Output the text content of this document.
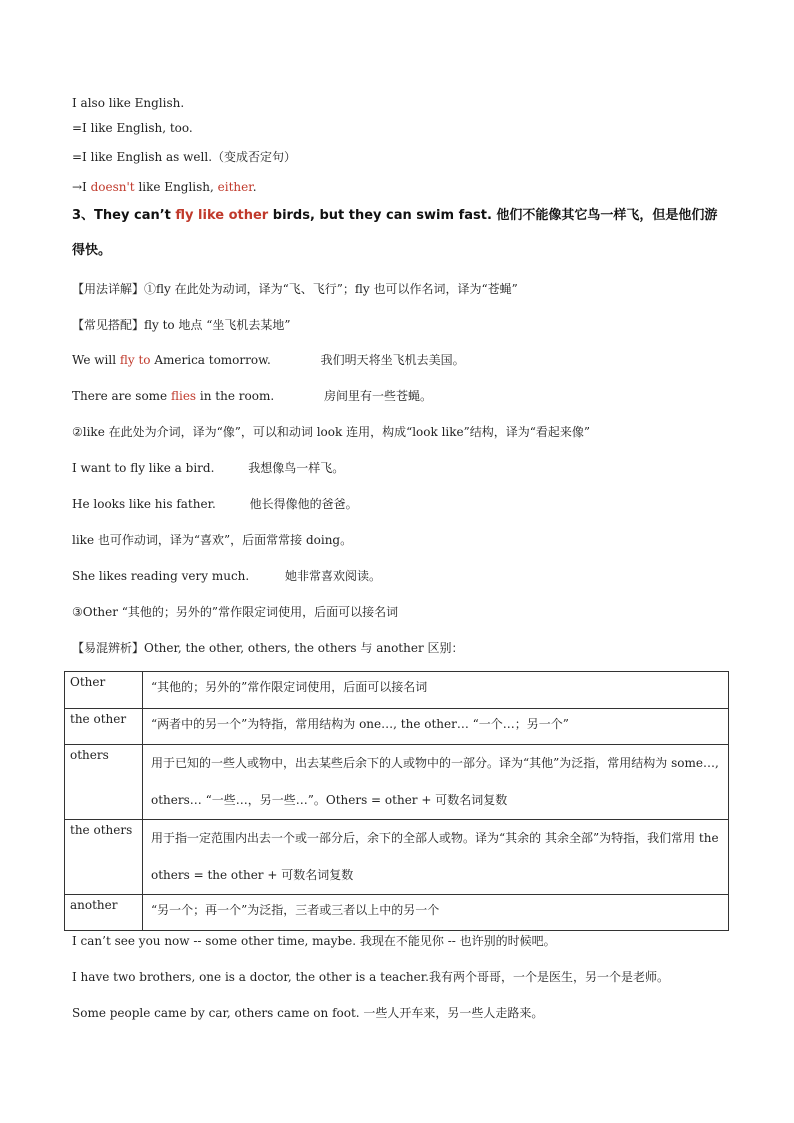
I also like English.
=I like English, too.
=I like English as well.（变成否定句）
→I doesn't like English, either.
3、They can’t fly like other birds, but they can swim fast. 他们不能像其它鸟一样飞，但是他们游
得快。
【用法详解】①fly 在此处为动词，译为“飞、飞行”；fly 也可以作名词，译为“苍蝇”
【常见搭配】fly to 地点 “坐飞机去某地”
We will fly to America tomorrow.	我们明天将坐飞机去美国。
There are some flies in the room.	房间里有一些苍蝇。
②like 在此处为介词，译为“像”，可以和动词 look 连用，构成“look like”结构，译为“看起来像”
I want to fly like a bird.	我想像鸟一样飞。
He looks like his father.	他长得像他的爸爸。
like 也可作动词，译为“喜欢”，后面常常接 doing。
She likes reading very much.	她非常喜欢阅读。
③Other “其他的；另外的”常作限定词使用，后面可以接名词
【易混辨析】Other, the other, others, the others 与 another 区别：
Other	“其他的；另外的”常作限定词使用，后面可以接名词
the other	“两者中的另一个”为特指，常用结构为 one…, the other… “一个…；另一个”
others	用于已知的一些人或物中，出去某些后余下的人或物中的一部分。译为“其他”为泛指，常用结构为 some…, others… “一些…，另一些…”。Others = other + 可数名词复数
the others	用于指一定范围内出去一个或一部分后，余下的全部人或物。译为“其余的 其余全部”为特指，我们常用 the others = the other + 可数名词复数
another	“另一个；再一个”为泛指，三者或三者以上中的另一个
I can’t see you now -- some other time, maybe. 我现在不能见你 -- 也许别的时候吧。
I have two brothers, one is a doctor, the other is a teacher.我有两个哥哥，一个是医生，另一个是老师。
Some people came by car, others came on foot. 一些人开车来，另一些人走路来。
